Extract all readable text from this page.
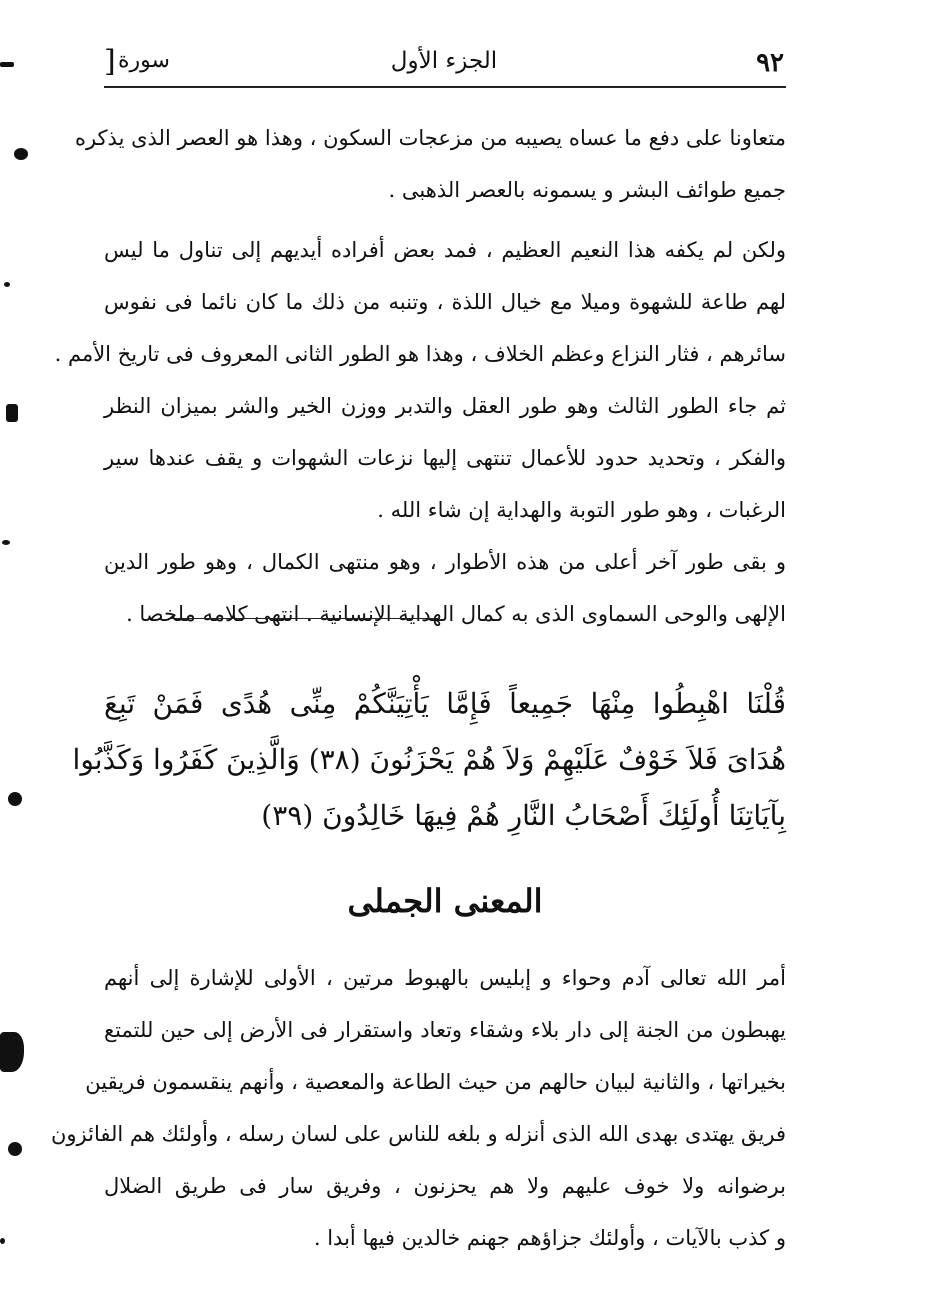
٩٢
الجزء الأول
سورة
[
متعاونا على دفع ما عساه يصيبه من مزعجات السكون ، وهذا هو العصر الذى يذكره
جميع طوائف البشر و يسمونه بالعصر الذهبى .
ولكن لم يكفه هذا النعيم العظيم ، فمد بعض أفراده أيديهم إلى تناول ما ليس
لهم طاعة للشهوة وميلا مع خيال اللذة ، وتنبه من ذلك ما كان نائما فى نفوس
سائرهم ، فثار النزاع وعظم الخلاف ، وهذا هو الطور الثانى المعروف فى تاريخ الأمم .
ثم جاء الطور الثالث وهو طور العقل والتدبر ووزن الخير والشر بميزان النظر
والفكر ، وتحديد حدود للأعمال تنتهى إليها نزعات الشهوات و يقف عندها سير
الرغبات ، وهو طور التوبة والهداية إن شاء الله .
و بقى طور آخر أعلى من هذه الأطوار ، وهو منتهى الكمال ، وهو طور الدين
الإلهى والوحى السماوى الذى به كمال الهداية الإنسانية . انتهى كلامه ملخصا .
قُلْنَا اهْبِطُوا مِنْهَا جَمِيعاً فَإِمَّا يَأْتِيَنَّكُمْ مِنِّى هُدًى فَمَنْ تَبِعَ
هُدَاىَ فَلاَ خَوْفٌ عَلَيْهِمْ وَلاَ هُمْ يَحْزَنُونَ (٣٨) وَالَّذِينَ كَفَرُوا وَكَذَّبُوا
بِآيَاتِنَا أُولَئِكَ أَصْحَابُ النَّارِ هُمْ فِيهَا خَالِدُونَ (٣٩)
المعنى الجملى
أمر الله تعالى آدم وحواء و إبليس بالهبوط مرتين ، الأولى للإشارة إلى أنهم
يهبطون من الجنة إلى دار بلاء وشقاء وتعاد واستقرار فى الأرض إلى حين للتمتع
بخيراتها ، والثانية لبيان حالهم من حيث الطاعة والمعصية ، وأنهم ينقسمون فريقين
فريق يهتدى بهدى الله الذى أنزله و بلغه للناس على لسان رسله ، وأولئك هم الفائزون
برضوانه ولا خوف عليهم ولا هم يحزنون ، وفريق سار فى طريق الضلال
و كذب بالآيات ، وأولئك جزاؤهم جهنم خالدين فيها أبدا .
